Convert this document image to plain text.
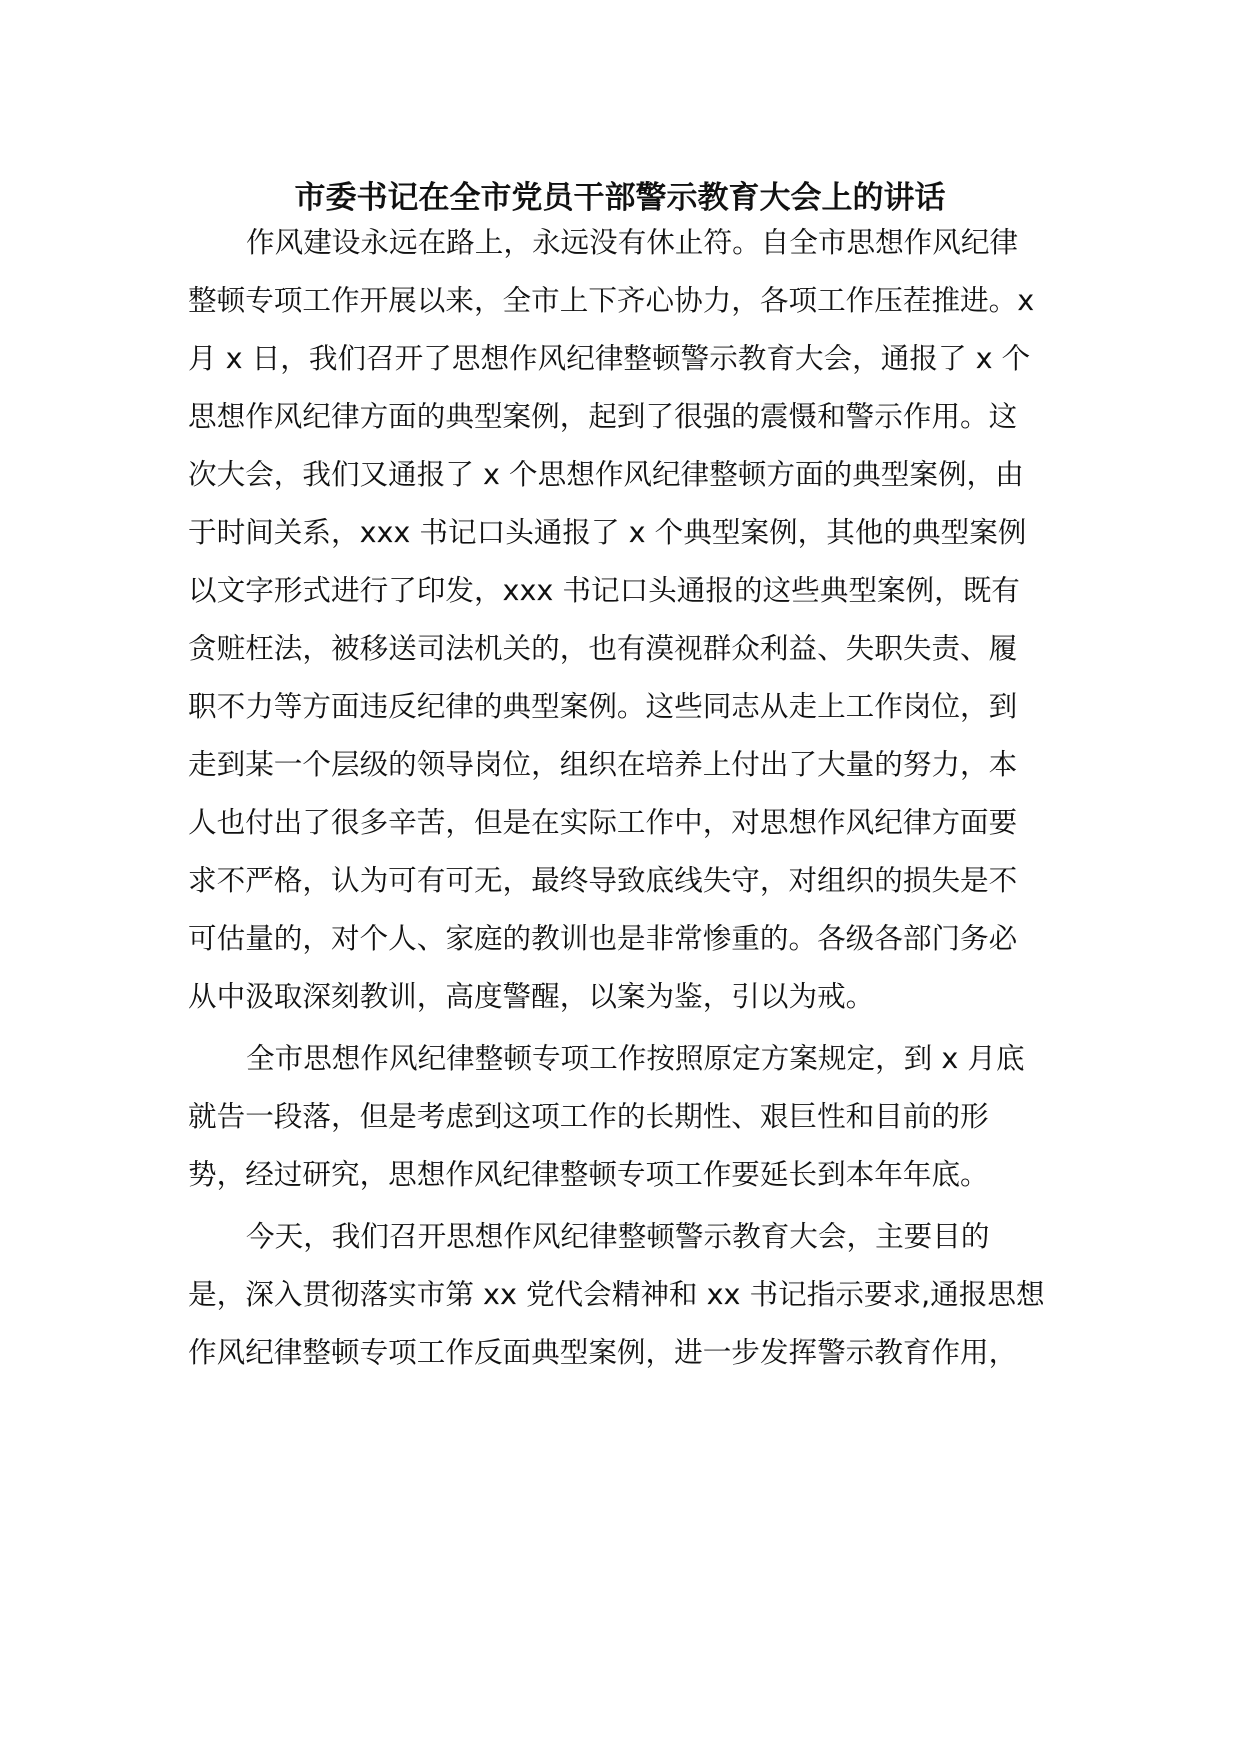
市委书记在全市党员干部警示教育大会上的讲话

作风建设永远在路上，永远没有休止符。自全市思想作风纪律

整顿专项工作开展以来，全市上下齐心协力，各项工作压茬推进。x

月 x 日，我们召开了思想作风纪律整顿警示教育大会，通报了 x 个

思想作风纪律方面的典型案例，起到了很强的震慑和警示作用。这

次大会，我们又通报了 x 个思想作风纪律整顿方面的典型案例，由

于时间关系，xxx 书记口头通报了 x 个典型案例，其他的典型案例

以文字形式进行了印发，xxx 书记口头通报的这些典型案例，既有

贪赃枉法，被移送司法机关的，也有漠视群众利益、失职失责、履

职不力等方面违反纪律的典型案例。这些同志从走上工作岗位，到

走到某一个层级的领导岗位，组织在培养上付出了大量的努力，本

人也付出了很多辛苦，但是在实际工作中，对思想作风纪律方面要

求不严格，认为可有可无，最终导致底线失守，对组织的损失是不

可估量的，对个人、家庭的教训也是非常惨重的。各级各部门务必

从中汲取深刻教训，高度警醒，以案为鉴，引以为戒。

全市思想作风纪律整顿专项工作按照原定方案规定，到 x 月底

就告一段落，但是考虑到这项工作的长期性、艰巨性和目前的形

势，经过研究，思想作风纪律整顿专项工作要延长到本年年底。

今天，我们召开思想作风纪律整顿警示教育大会，主要目的

是，深入贯彻落实市第 xx 党代会精神和 xx 书记指示要求,通报思想

作风纪律整顿专项工作反面典型案例，进一步发挥警示教育作用，
